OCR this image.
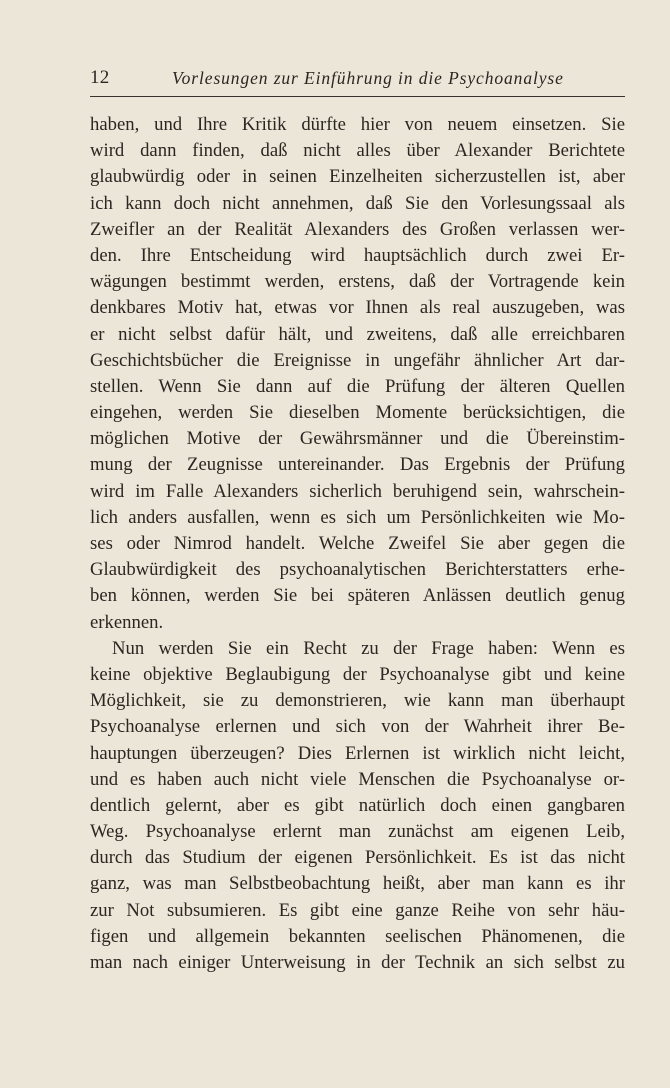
12	Vorlesungen zur Einführung in die Psychoanalyse
haben, und Ihre Kritik dürfte hier von neuem einsetzen. Sie
wird dann finden, daß nicht alles über Alexander Berichtete
glaubwürdig oder in seinen Einzelheiten sicherzustellen ist, aber
ich kann doch nicht annehmen, daß Sie den Vorlesungssaal als
Zweifler an der Realität Alexanders des Großen verlassen wer-
den. Ihre Entscheidung wird hauptsächlich durch zwei Er-
wägungen bestimmt werden, erstens, daß der Vortragende kein
denkbares Motiv hat, etwas vor Ihnen als real auszugeben, was
er nicht selbst dafür hält, und zweitens, daß alle erreichbaren
Geschichtsbücher die Ereignisse in ungefähr ähnlicher Art dar-
stellen. Wenn Sie dann auf die Prüfung der älteren Quellen
eingehen, werden Sie dieselben Momente berücksichtigen, die
möglichen Motive der Gewährsmänner und die Übereinstim-
mung der Zeugnisse untereinander. Das Ergebnis der Prüfung
wird im Falle Alexanders sicherlich beruhigend sein, wahrschein-
lich anders ausfallen, wenn es sich um Persönlichkeiten wie Mo-
ses oder Nimrod handelt. Welche Zweifel Sie aber gegen die
Glaubwürdigkeit des psychoanalytischen Berichterstatters erhe-
ben können, werden Sie bei späteren Anlässen deutlich genug
erkennen.
Nun werden Sie ein Recht zu der Frage haben: Wenn es
keine objektive Beglaubigung der Psychoanalyse gibt und keine
Möglichkeit, sie zu demonstrieren, wie kann man überhaupt
Psychoanalyse erlernen und sich von der Wahrheit ihrer Be-
hauptungen überzeugen? Dies Erlernen ist wirklich nicht leicht,
und es haben auch nicht viele Menschen die Psychoanalyse or-
dentlich gelernt, aber es gibt natürlich doch einen gangbaren
Weg. Psychoanalyse erlernt man zunächst am eigenen Leib,
durch das Studium der eigenen Persönlichkeit. Es ist das nicht
ganz, was man Selbstbeobachtung heißt, aber man kann es ihr
zur Not subsumieren. Es gibt eine ganze Reihe von sehr häu-
figen und allgemein bekannten seelischen Phänomenen, die
man nach einiger Unterweisung in der Technik an sich selbst zu
